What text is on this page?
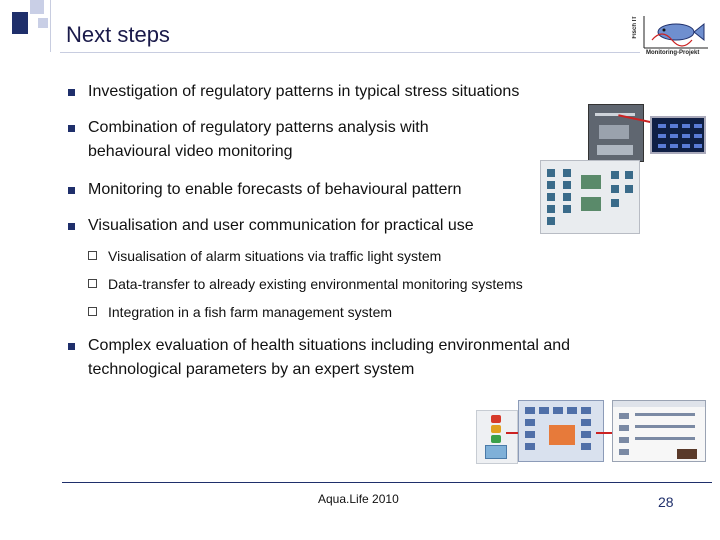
Next steps	Fisch IT
Monitoring-Projekt
Investigation of regulatory patterns in typical stress situations
Combination of regulatory patterns analysis with
behavioural video monitoring
Monitoring to enable forecasts of behavioural pattern
Visualisation and user communication for practical use
Visualisation of alarm situations via traffic light system
Data-transfer to already existing environmental monitoring systems
Integration in a fish farm management system
Complex evaluation of health situations including environmental and
technological parameters by an expert system
Aqua.Life 2010	28
